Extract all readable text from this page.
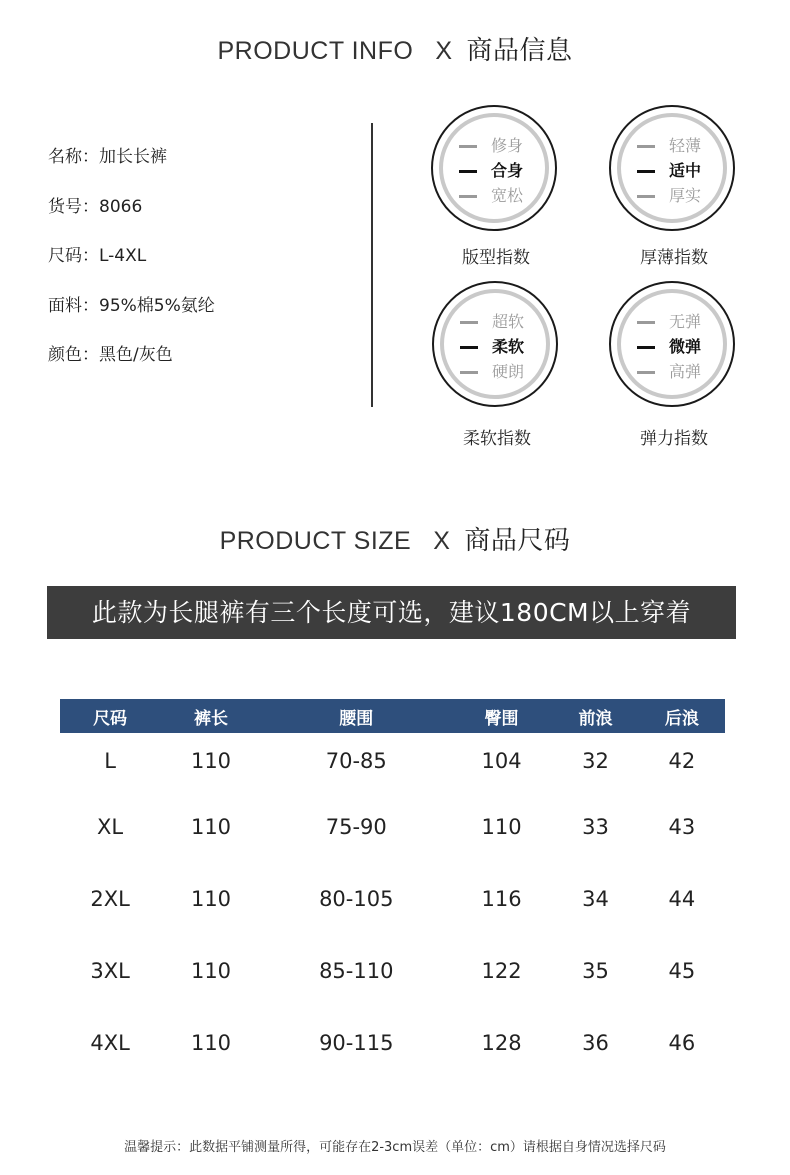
PRODUCT INFO X 商品信息
名称：加长长裤
货号：8066
尺码：L-4XL
面料：95%棉5%氨纶
颜色：黑色/灰色
修身
合身
宽松
版型指数
轻薄
适中
厚实
厚薄指数
超软
柔软
硬朗
柔软指数
无弹
微弹
高弹
弹力指数
PRODUCT SIZE X 商品尺码
此款为长腿裤有三个长度可选，建议180CM以上穿着
尺码	裤长	腰围	臀围	前浪	后浪
L	110	70-85	104	32	42
XL	110	75-90	110	33	43
2XL	110	80-105	116	34	44
3XL	110	85-110	122	35	45
4XL	110	90-115	128	36	46
温馨提示：此数据平铺测量所得，可能存在2-3cm误差（单位：cm）请根据自身情况选择尺码
